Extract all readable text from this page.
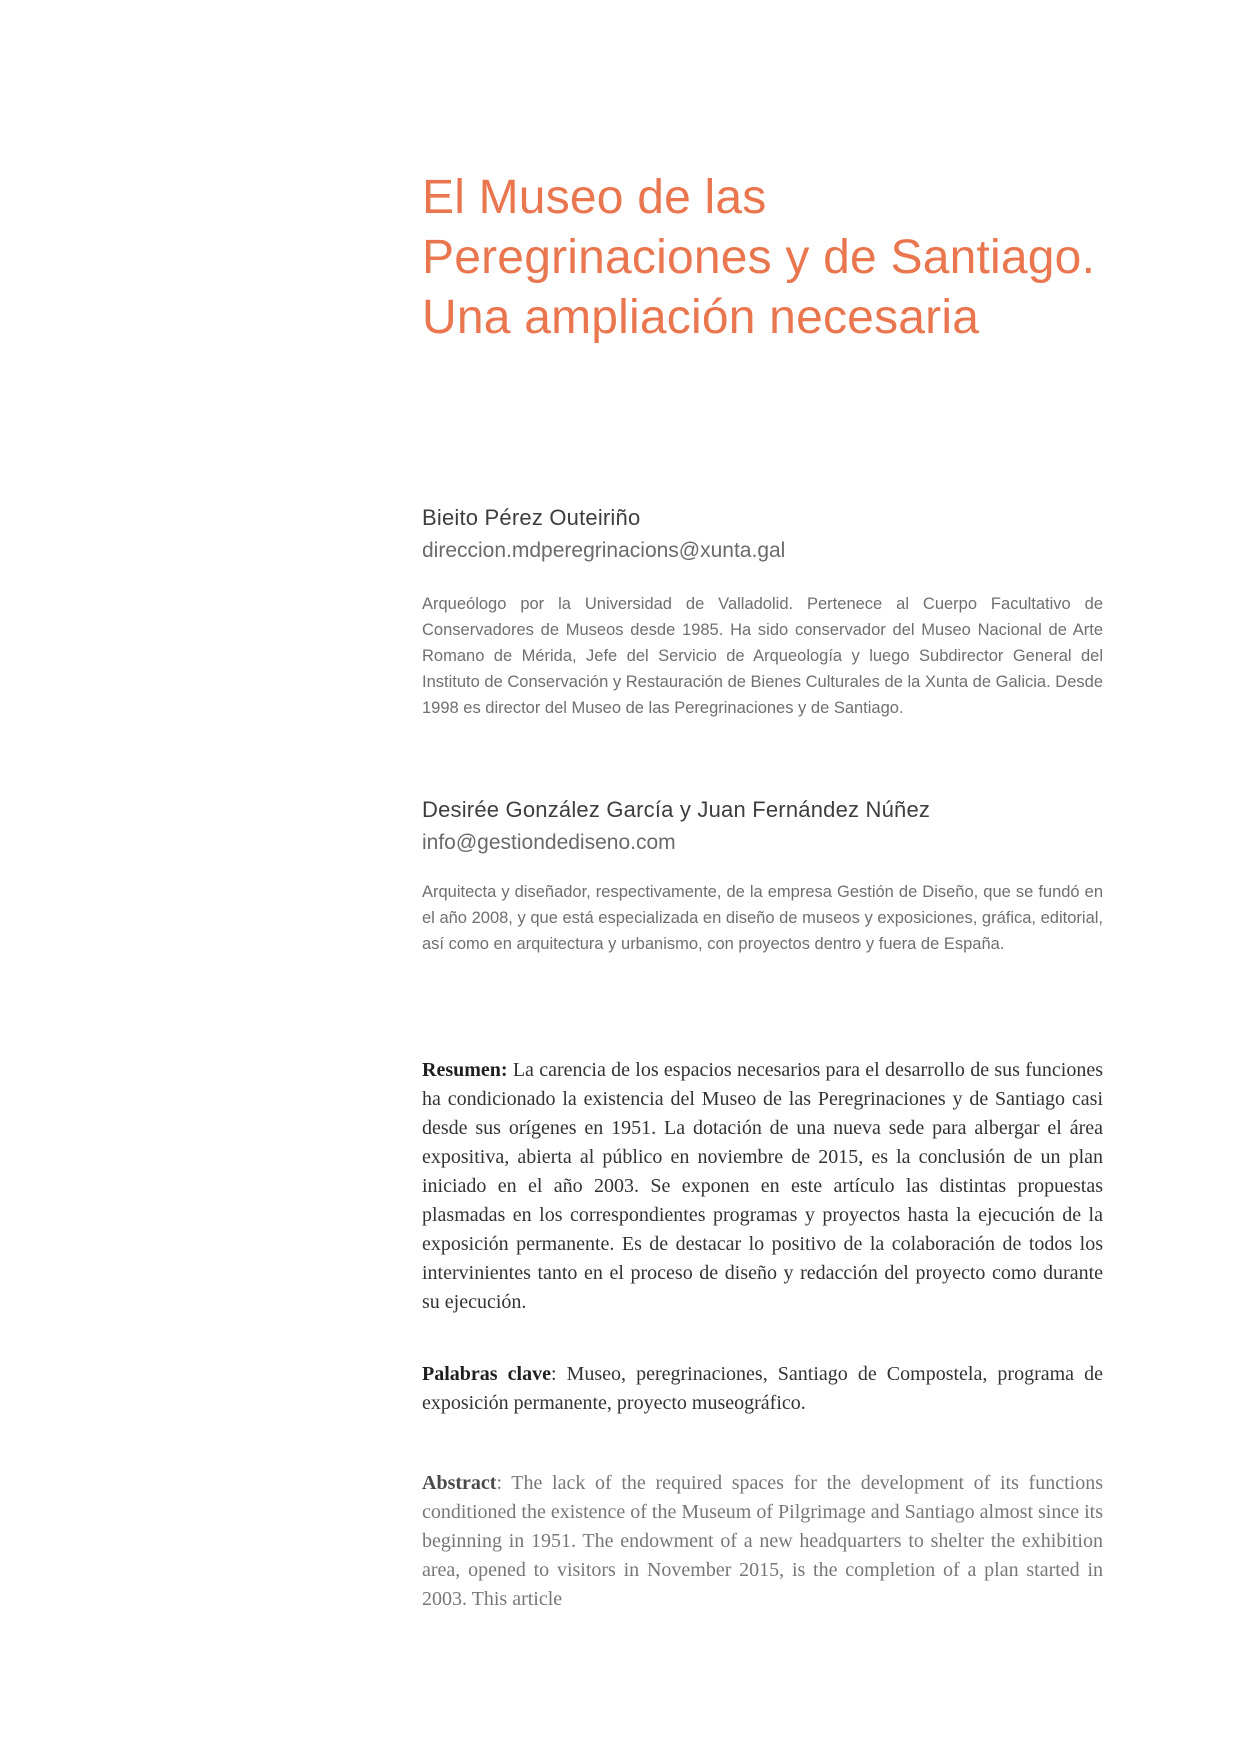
El Museo de las
Peregrinaciones y de Santiago.
Una ampliación necesaria
Bieito Pérez Outeiriño
direccion.mdperegrinacions@xunta.gal

Arqueólogo por la Universidad de Valladolid. Pertenece al Cuerpo Facultativo de Conservadores de Museos desde 1985. Ha sido conservador del Museo Nacional de Arte Romano de Mérida, Jefe del Servicio de Arqueología y luego Subdirector General del Instituto de Conservación y Restauración de Bienes Culturales de la Xunta de Galicia. Desde 1998 es director del Museo de las Peregrinaciones y de Santiago.

Desirée González García y Juan Fernández Núñez
info@gestiondediseno.com

Arquitecta y diseñador, respectivamente, de la empresa Gestión de Diseño, que se fundó en el año 2008, y que está especializada en diseño de museos y exposiciones, gráfica, editorial, así como en arquitectura y urbanismo, con proyectos dentro y fuera de España.

Resumen: La carencia de los espacios necesarios para el desarrollo de sus funciones ha condicionado la existencia del Museo de las Peregrinaciones y de Santiago casi desde sus orígenes en 1951. La dotación de una nueva sede para albergar el área expositiva, abierta al público en noviembre de 2015, es la conclusión de un plan iniciado en el año 2003. Se exponen en este artículo las distintas propuestas plasmadas en los correspondientes programas y proyectos hasta la ejecución de la exposición permanente. Es de destacar lo positivo de la colaboración de todos los intervinientes tanto en el proceso de diseño y redacción del proyecto como durante su ejecución.

Palabras clave: Museo, peregrinaciones, Santiago de Compostela, programa de exposición permanente, proyecto museográfico.

Abstract: The lack of the required spaces for the development of its functions conditioned the existence of the Museum of Pilgrimage and Santiago almost since its beginning in 1951. The endowment of a new headquarters to shelter the exhibition area, opened to visitors in November 2015, is the completion of a plan started in 2003. This article
